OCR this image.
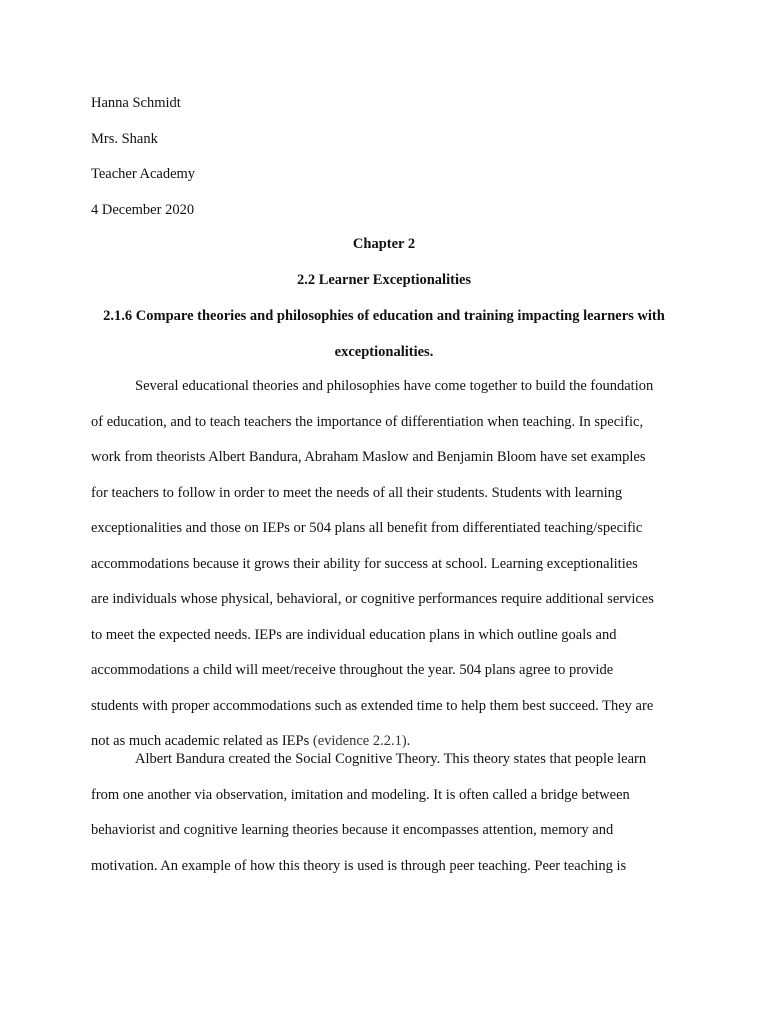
Hanna Schmidt
Mrs. Shank
Teacher Academy
4 December 2020
Chapter 2
2.2 Learner Exceptionalities
2.1.6 Compare theories and philosophies of education and training impacting learners with
exceptionalities.
Several educational theories and philosophies have come together to build the foundation
of education, and to teach teachers the importance of differentiation when teaching. In specific,
work from theorists Albert Bandura, Abraham Maslow and Benjamin Bloom have set examples
for teachers to follow in order to meet the needs of all their students. Students with learning
exceptionalities and those on IEPs or 504 plans all benefit from differentiated teaching/specific
accommodations because it grows their ability for success at school. Learning exceptionalities
are individuals whose physical, behavioral, or cognitive performances require additional services
to meet the expected needs. IEPs are individual education plans in which outline goals and
accommodations a child will meet/receive throughout the year. 504 plans agree to provide
students with proper accommodations such as extended time to help them best succeed. They are
not as much academic related as IEPs (evidence 2.2.1).
Albert Bandura created the Social Cognitive Theory. This theory states that people learn
from one another via observation, imitation and modeling. It is often called a bridge between
behaviorist and cognitive learning theories because it encompasses attention, memory and
motivation. An example of how this theory is used is through peer teaching. Peer teaching is
